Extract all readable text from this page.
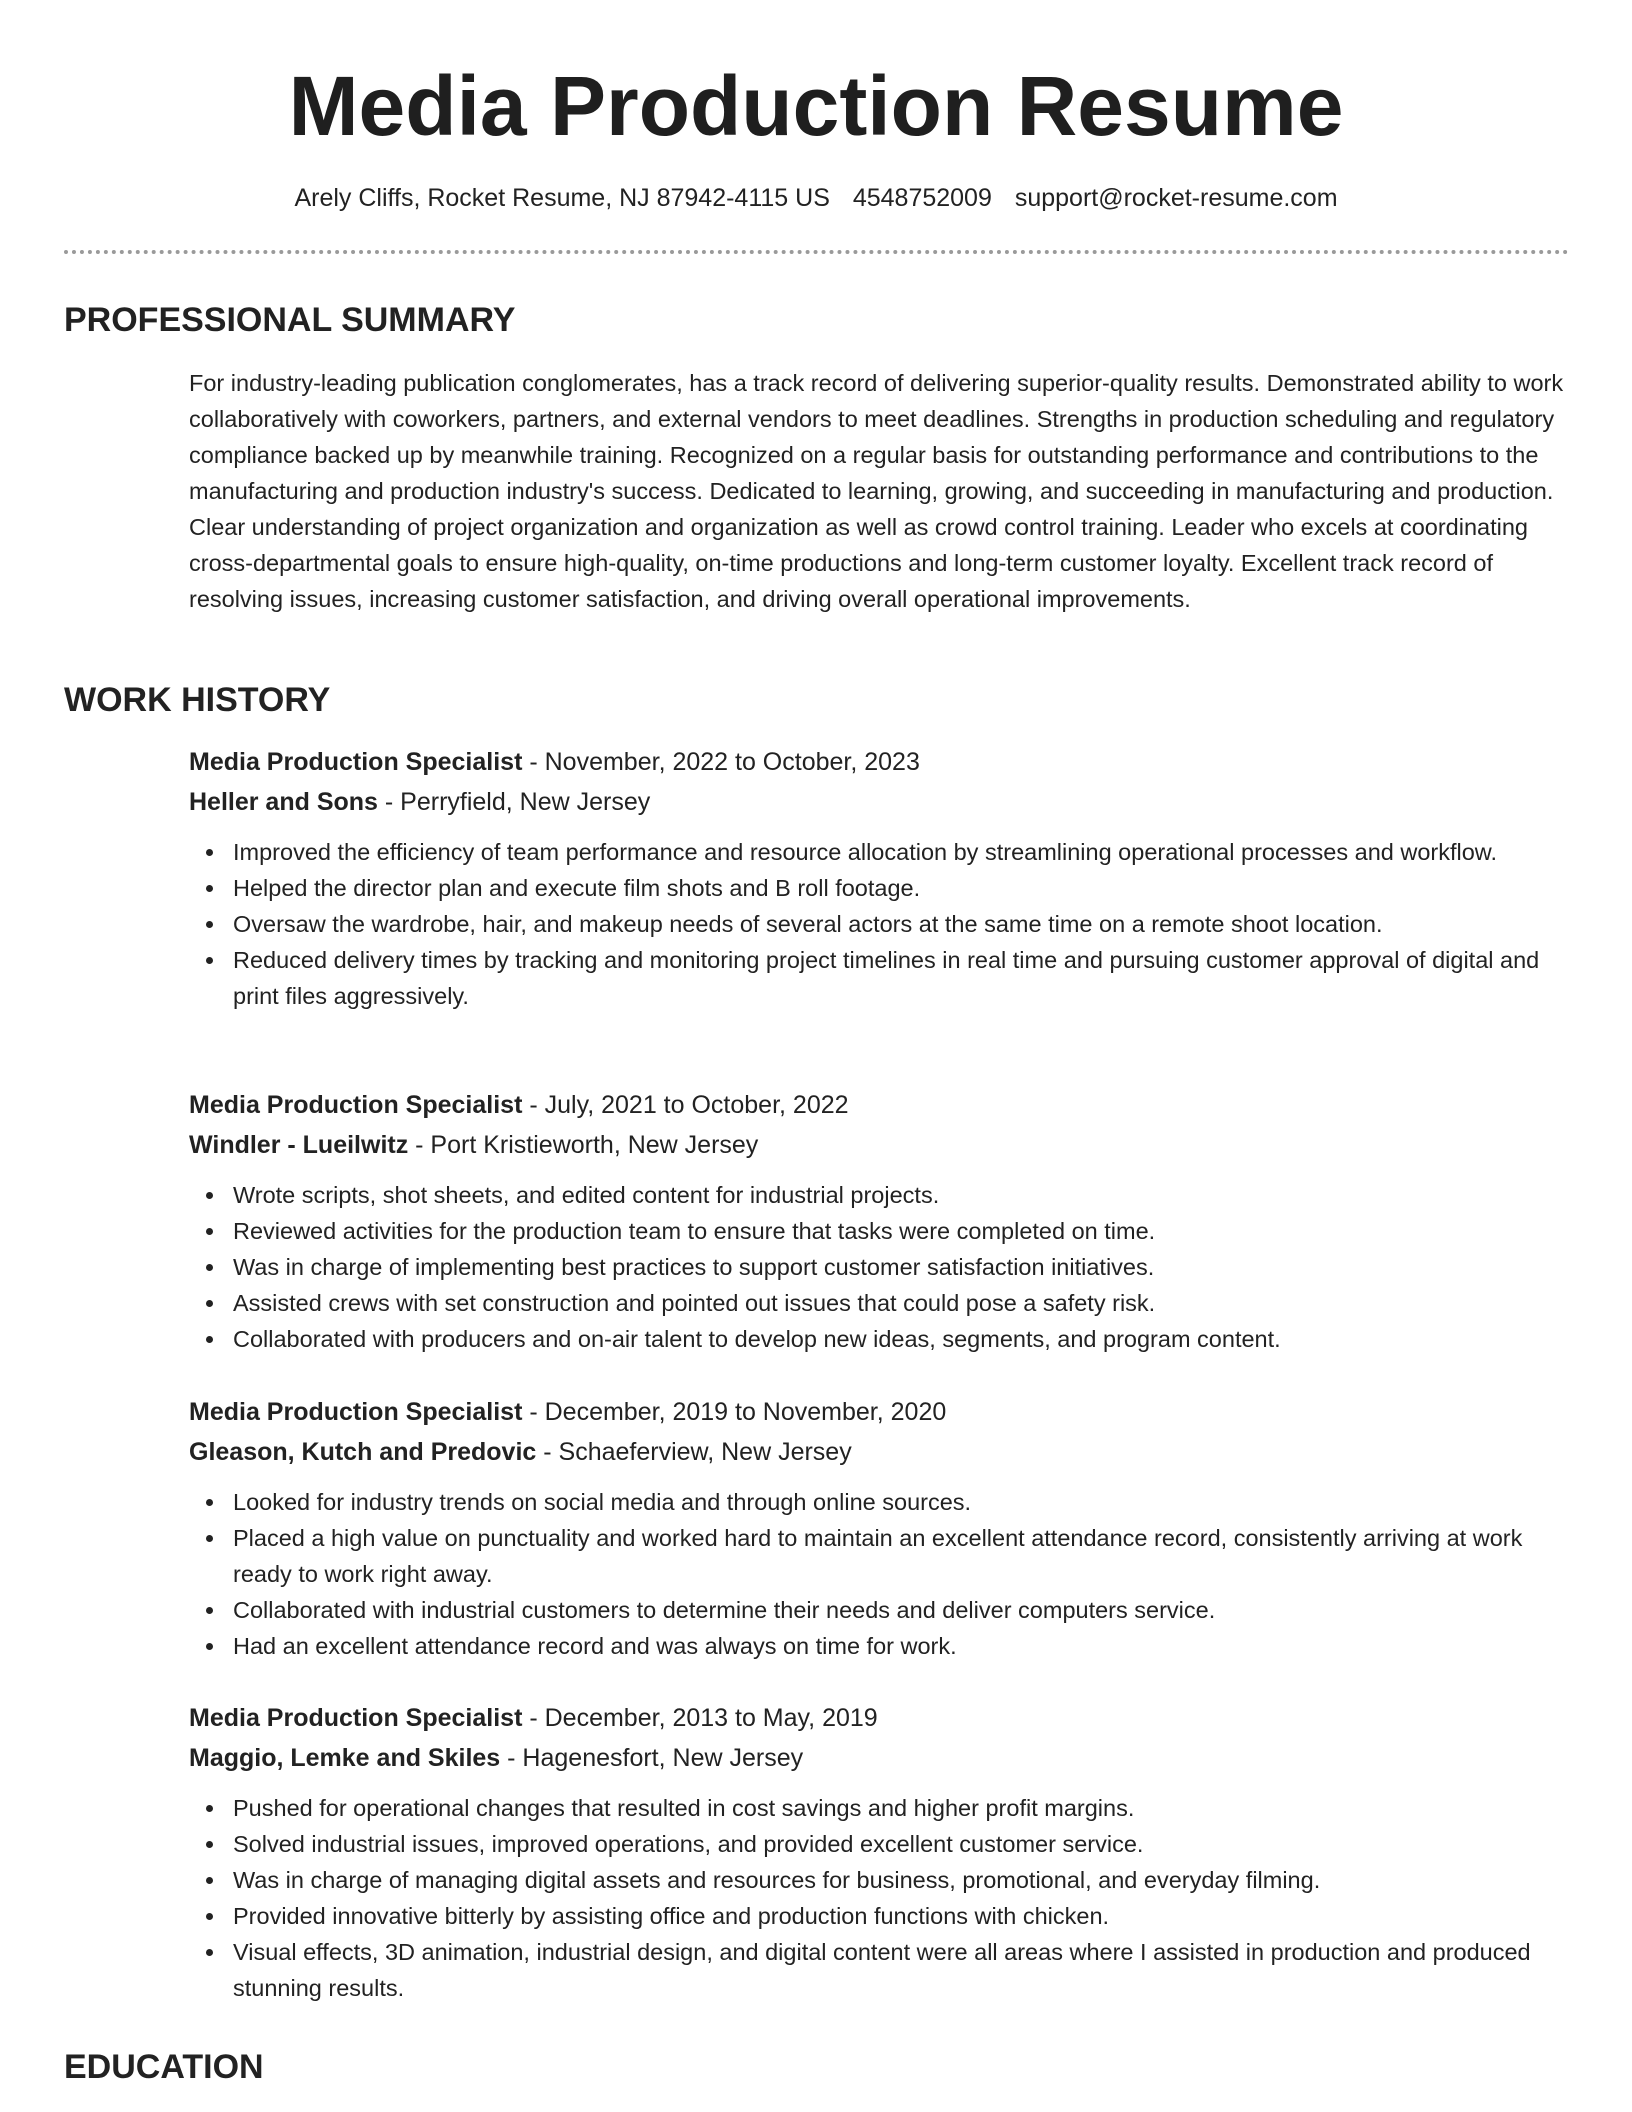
Media Production Resume
Arely Cliffs, Rocket Resume, NJ 87942-4115 US 4548752009 support@rocket-resume.com
PROFESSIONAL SUMMARY

For industry-leading publication conglomerates, has a track record of delivering superior-quality results. Demonstrated ability to work collaboratively with coworkers, partners, and external vendors to meet deadlines. Strengths in production scheduling and regulatory compliance backed up by meanwhile training. Recognized on a regular basis for outstanding performance and contributions to the manufacturing and production industry's success. Dedicated to learning, growing, and succeeding in manufacturing and production. Clear understanding of project organization and organization as well as crowd control training. Leader who excels at coordinating cross-departmental goals to ensure high-quality, on-time productions and long-term customer loyalty. Excellent track record of resolving issues, increasing customer satisfaction, and driving overall operational improvements.

WORK HISTORY
Media Production Specialist - November, 2022 to October, 2023
Heller and Sons - Perryfield, New Jersey
Improved the efficiency of team performance and resource allocation by streamlining operational processes and workflow.
Helped the director plan and execute film shots and B roll footage.
Oversaw the wardrobe, hair, and makeup needs of several actors at the same time on a remote shoot location.
Reduced delivery times by tracking and monitoring project timelines in real time and pursuing customer approval of digital and print files aggressively.
Media Production Specialist - July, 2021 to October, 2022
Windler - Lueilwitz - Port Kristieworth, New Jersey
Wrote scripts, shot sheets, and edited content for industrial projects.
Reviewed activities for the production team to ensure that tasks were completed on time.
Was in charge of implementing best practices to support customer satisfaction initiatives.
Assisted crews with set construction and pointed out issues that could pose a safety risk.
Collaborated with producers and on-air talent to develop new ideas, segments, and program content.
Media Production Specialist - December, 2019 to November, 2020
Gleason, Kutch and Predovic - Schaeferview, New Jersey
Looked for industry trends on social media and through online sources.
Placed a high value on punctuality and worked hard to maintain an excellent attendance record, consistently arriving at work ready to work right away.
Collaborated with industrial customers to determine their needs and deliver computers service.
Had an excellent attendance record and was always on time for work.
Media Production Specialist - December, 2013 to May, 2019
Maggio, Lemke and Skiles - Hagenesfort, New Jersey
Pushed for operational changes that resulted in cost savings and higher profit margins.
Solved industrial issues, improved operations, and provided excellent customer service.
Was in charge of managing digital assets and resources for business, promotional, and everyday filming.
Provided innovative bitterly by assisting office and production functions with chicken.
Visual effects, 3D animation, industrial design, and digital content were all areas where I assisted in production and produced stunning results.
EDUCATION
